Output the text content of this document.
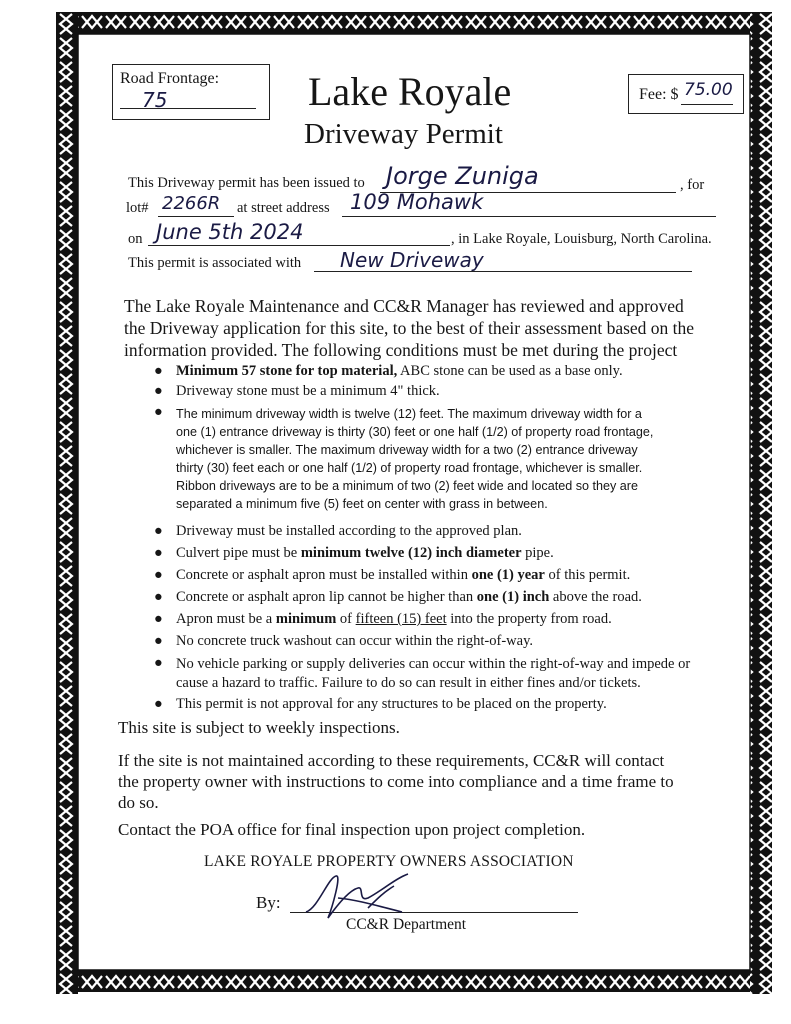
Road Frontage:
75	Lake Royale
Driveway Permit
Fee: $ 75.00
This Driveway permit has been issued to Jorge Zuniga	, for
lot# 2266R at street address 109 Mohawk
on June 5th 2024	, in Lake Royale, Louisburg, North Carolina.
This permit is associated with New Driveway
The Lake Royale Maintenance and CC&R Manager has reviewed and approved
the Driveway application for this site, to the best of their assessment based on the
information provided. The following conditions must be met during the project
● Minimum 57 stone for top material, ABC stone can be used as a base only.
● Driveway stone must be a minimum 4" thick.
● The minimum driveway width is twelve (12) feet. The maximum driveway width for a
one (1) entrance driveway is thirty (30) feet or one half (1/2) of property road frontage,
whichever is smaller. The maximum driveway width for a two (2) entrance driveway
thirty (30) feet each or one half (1/2) of property road frontage, whichever is smaller.
Ribbon driveways are to be a minimum of two (2) feet wide and located so they are
separated a minimum five (5) feet on center with grass in between.
● Driveway must be installed according to the approved plan.
● Culvert pipe must be minimum twelve (12) inch diameter pipe.
● Concrete or asphalt apron must be installed within one (1) year of this permit.
● Concrete or asphalt apron lip cannot be higher than one (1) inch above the road.
● Apron must be a minimum of fifteen (15) feet into the property from road.
● No concrete truck washout can occur within the right-of-way.
● No vehicle parking or supply deliveries can occur within the right-of-way and impede or
cause a hazard to traffic. Failure to do so can result in either fines and/or tickets.
● This permit is not approval for any structures to be placed on the property.
This site is subject to weekly inspections.
If the site is not maintained according to these requirements, CC&R will contact
the property owner with instructions to come into compliance and a time frame to
do so.
Contact the POA office for final inspection upon project completion.
LAKE ROYALE PROPERTY OWNERS ASSOCIATION
By:
CC&R Department
